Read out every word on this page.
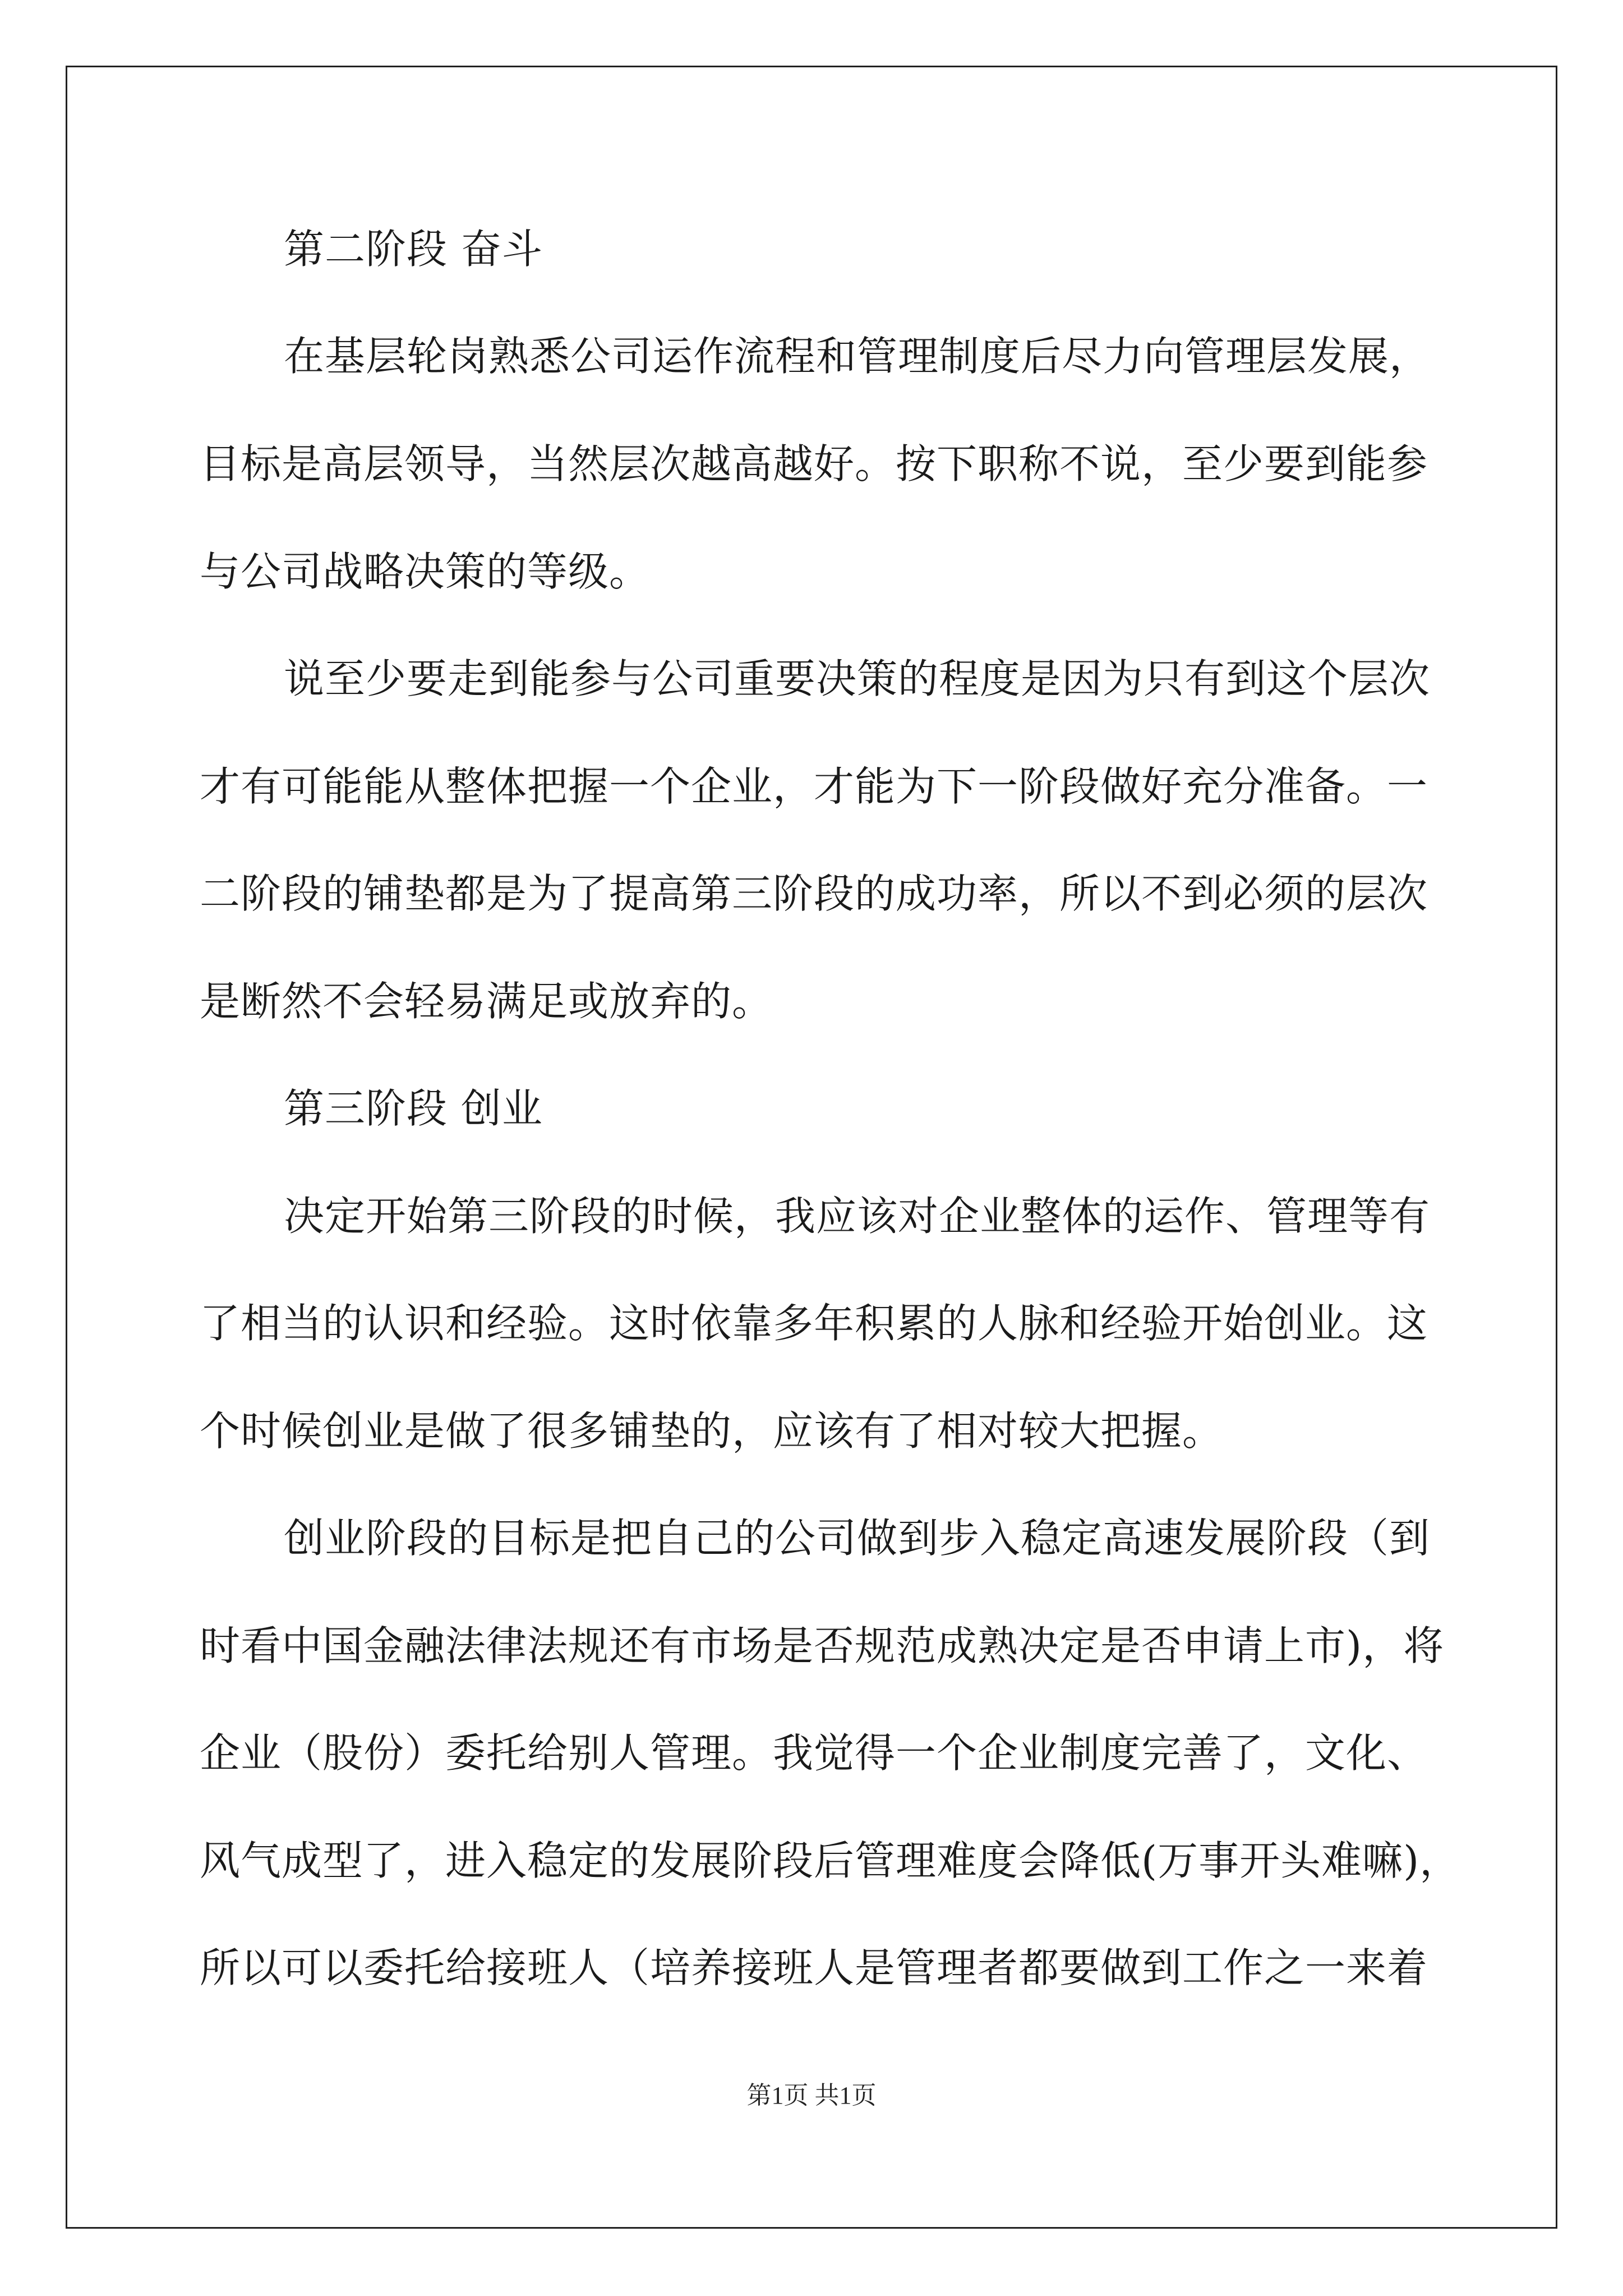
第二阶段 奋斗
在基层轮岗熟悉公司运作流程和管理制度后尽力向管理层发展，
目标是高层领导，当然层次越高越好。按下职称不说，至少要到能参
与公司战略决策的等级。
说至少要走到能参与公司重要决策的程度是因为只有到这个层次
才有可能能从整体把握一个企业，才能为下一阶段做好充分准备。一
二阶段的铺垫都是为了提高第三阶段的成功率，所以不到必须的层次
是断然不会轻易满足或放弃的。
第三阶段 创业
决定开始第三阶段的时候，我应该对企业整体的运作、管理等有
了相当的认识和经验。这时依靠多年积累的人脉和经验开始创业。这
个时候创业是做了很多铺垫的，应该有了相对较大把握。
创业阶段的目标是把自己的公司做到步入稳定高速发展阶段（到
时看中国金融法律法规还有市场是否规范成熟决定是否申请上市)，将
企业（股份）委托给别人管理。我觉得一个企业制度完善了，文化、
风气成型了，进入稳定的发展阶段后管理难度会降低(万事开头难嘛)，
所以可以委托给接班人（培养接班人是管理者都要做到工作之一来着
第1页 共1页
